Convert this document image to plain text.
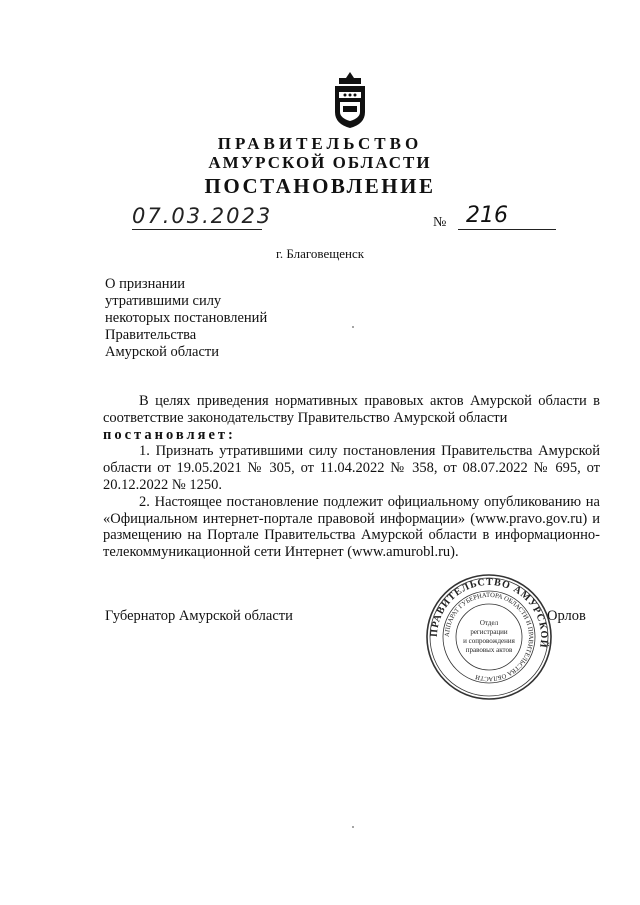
ПРАВИТЕЛЬСТВО
АМУРСКОЙ ОБЛАСТИ
ПОСТАНОВЛЕНИЕ
07.03.2023	№ 216
г. Благовещенск
О признании
утратившими силу
некоторых постановлений
Правительства
Амурской области

В целях приведения нормативных правовых актов Амурской области в соответствие законодательству Правительство Амурской области

постановляет:

1. Признать утратившими силу постановления Правительства Амурской области от 19.05.2021 № 305, от 11.04.2022 № 358, от 08.07.2022 № 695, от 20.12.2022 № 1250.

2. Настоящее постановление подлежит официальному опубликованию на «Официальном интернет-портале правовой информации» (www.pravo.gov.ru) и размещению на Портале Правительства Амурской области в информационно-телекоммуникационной сети Интернет (www.amurobl.ru).

Губернатор Амурской области	Орлов
ПРАВИТЕЛЬСТВО АМУРСКОЙ
АППАРАТ ГУБЕРНАТОРА ОБЛАСТИ И ПРАВИТЕЛЬСТВА ОБЛАСТИ
Отдел
регистрации
и сопровождения
правовых актов
